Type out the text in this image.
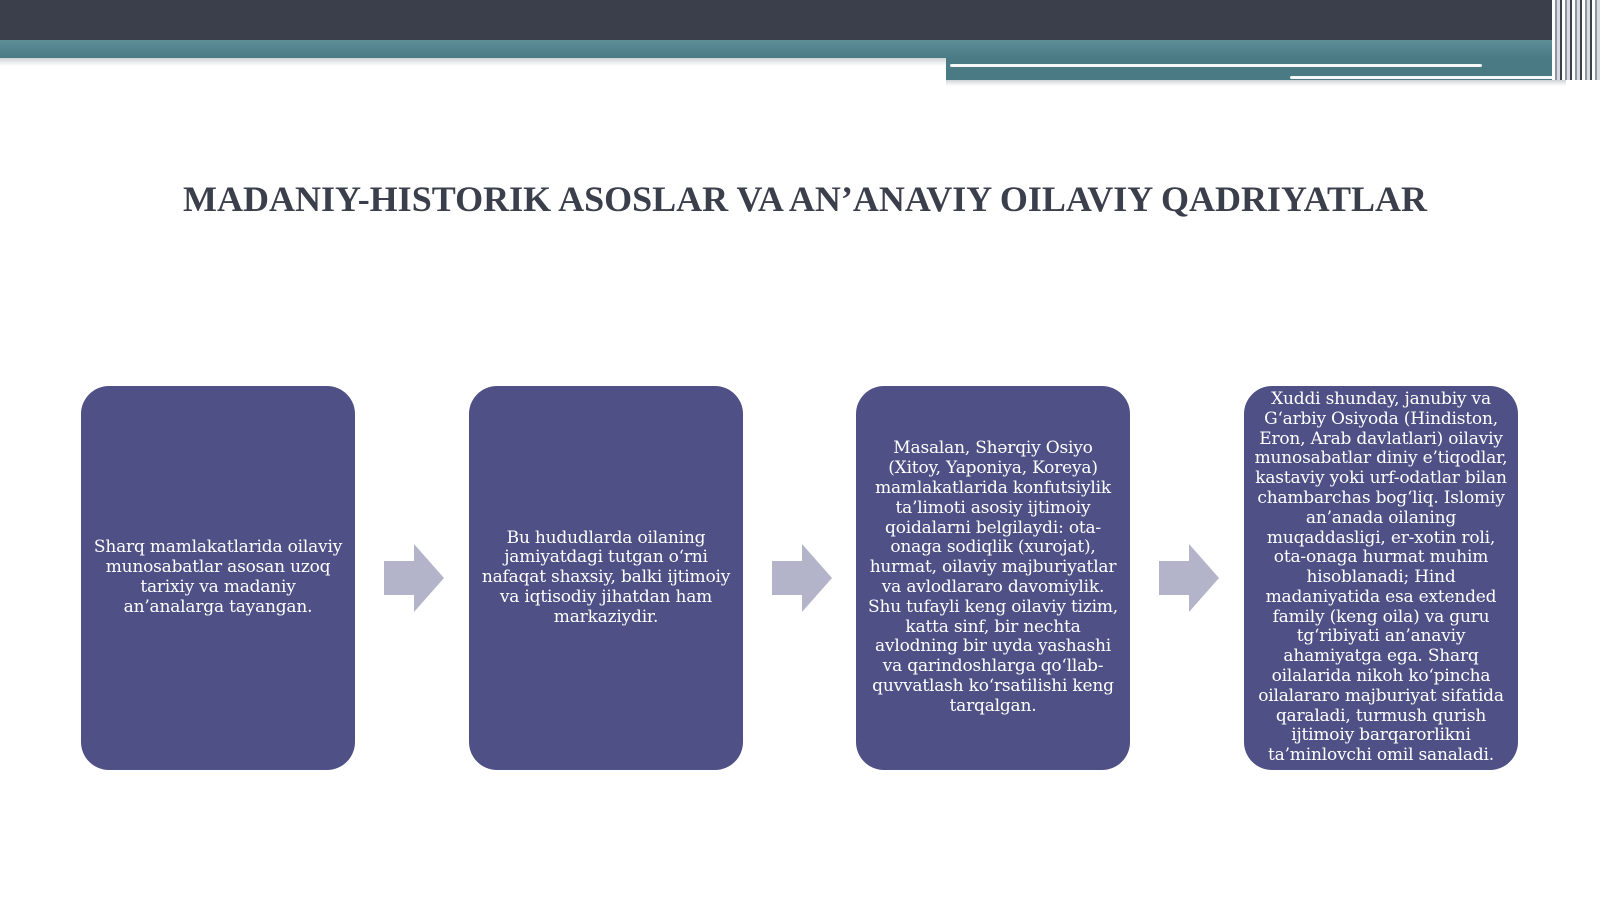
MADANIY-HISTORIK ASOSLAR VA AN’ANAVIY OILAVIY QADRIYATLAR

Sharq mamlakatlarida oilaviy munosabatlar asosan uzoq tarixiy va madaniy an’analarga tayangan.

Bu hududlarda oilaning jamiyatdagi tutgan oʻrni nafaqat shaxsiy, balki ijtimoiy va iqtisodiy jihatdan ham markaziydir.

Masalan, Shərqiy Osiyo (Xitoy, Yaponiya, Koreya) mamlakatlarida konfutsiylik ta’limoti asosiy ijtimoiy qoidalarni belgilaydi: ota-onaga sodiqlik (xurojat), hurmat, oilaviy majburiyatlar va avlodlararo davomiylik. Shu tufayli keng oilaviy tizim, katta sinf, bir nechta avlodning bir uyda yashashi va qarindoshlarga qoʻllab-quvvatlash koʻrsatilishi keng tarqalgan.

Xuddi shunday, janubiy va Gʻarbiy Osiyoda (Hindiston, Eron, Arab davlatlari) oilaviy munosabatlar diniy e’tiqodlar, kastaviy yoki urf-odatlar bilan chambarchas bogʻliq. Islomiy an’anada oilaning muqaddasligi, er-xotin roli, ota-onaga hurmat muhim hisoblanadi; Hind madaniyatida esa extended family (keng oila) va guru tgʻribiyati an’anaviy ahamiyatga ega. Sharq oilalarida nikoh koʻpincha oilalararo majburiyat sifatida qaraladi, turmush qurish ijtimoiy barqarorlikni ta’minlovchi omil sanaladi.
